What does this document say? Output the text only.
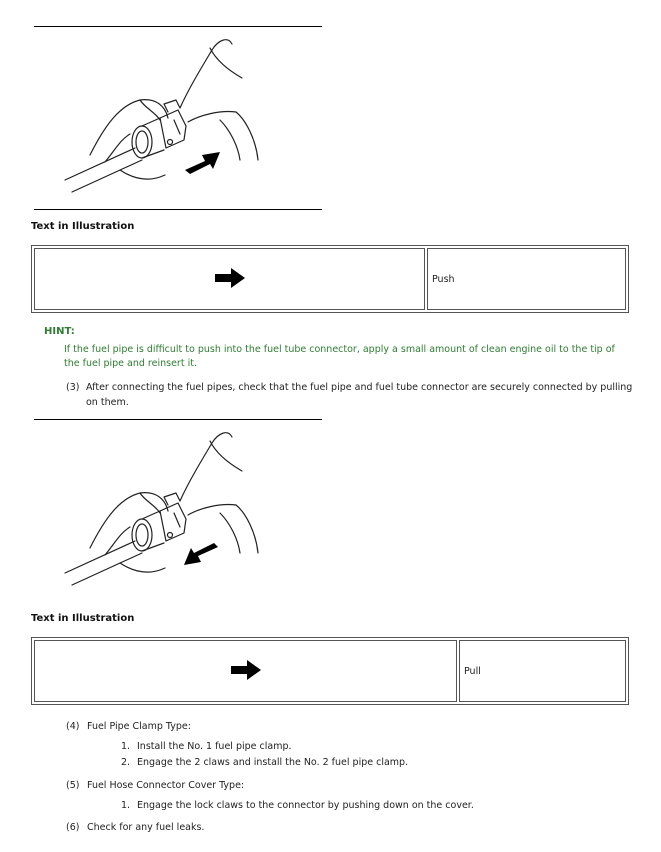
Text in Illustration
	Push
HINT:
If the fuel pipe is difficult to push into the fuel tube connector, apply a small amount of clean engine oil to the tip of the fuel pipe and reinsert it.
(3) After connecting the fuel pipes, check that the fuel pipe and fuel tube connector are securely connected by pulling on them.
Text in Illustration
	Pull
(4) Fuel Pipe Clamp Type:
1. Install the No. 1 fuel pipe clamp.
2. Engage the 2 claws and install the No. 2 fuel pipe clamp.
(5) Fuel Hose Connector Cover Type:
1. Engage the lock claws to the connector by pushing down on the cover.
(6) Check for any fuel leaks.
